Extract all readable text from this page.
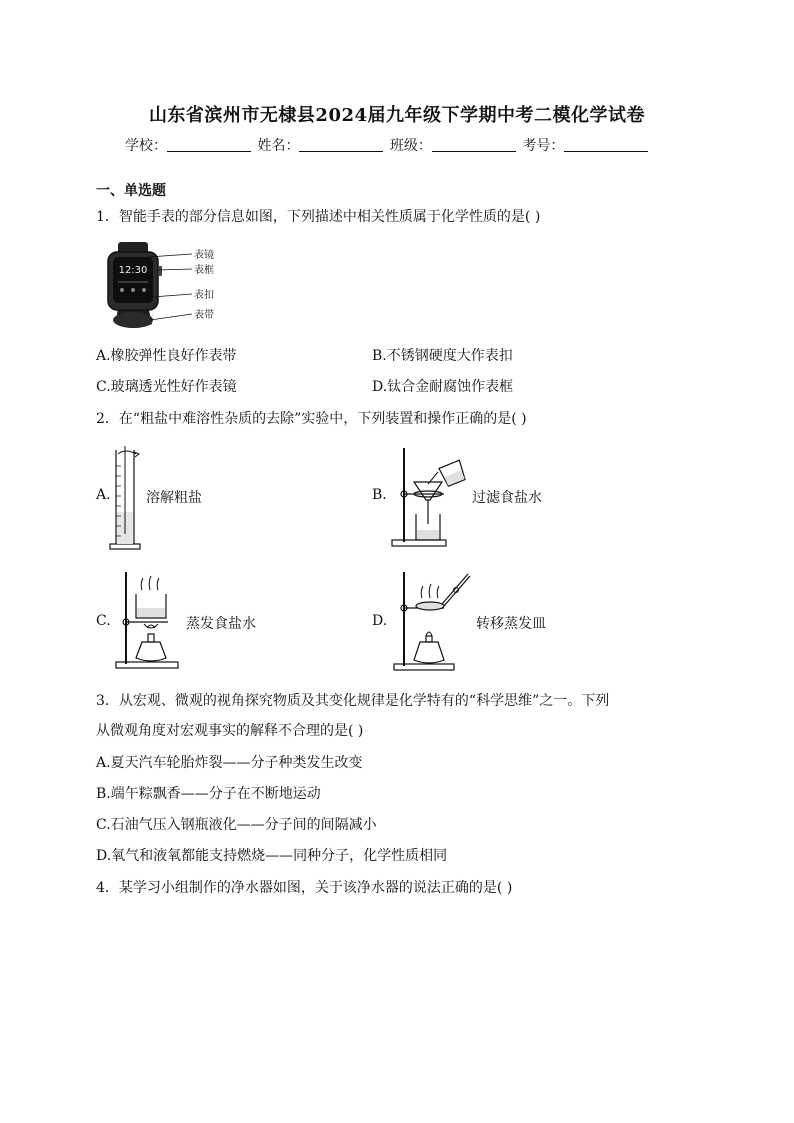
山东省滨州市无棣县2024届九年级下学期中考二模化学试卷
学校：	姓名：	班级：	考号：
一、单选题
1．智能手表的部分信息如图，下列描述中相关性质属于化学性质的是( )
12:30
表镜
表框
表扣
表带
A.橡胶弹性良好作表带	B.不锈钢硬度大作表扣
C.玻璃透光性好作表镜	D.钛合金耐腐蚀作表框
2．在“粗盐中难溶性杂质的去除”实验中，下列装置和操作正确的是( )
A.	溶解粗盐	B.	过滤食盐水
C.	蒸发食盐水	D.	转移蒸发皿
3．从宏观、微观的视角探究物质及其变化规律是化学特有的“科学思维”之一。下列
从微观角度对宏观事实的解释不合理的是( )
A.夏天汽车轮胎炸裂——分子种类发生改变
B.端午粽飘香——分子在不断地运动
C.石油气压入钢瓶液化——分子间的间隔减小
D.氧气和液氧都能支持燃烧——同种分子，化学性质相同
4．某学习小组制作的净水器如图，关于该净水器的说法正确的是( )
